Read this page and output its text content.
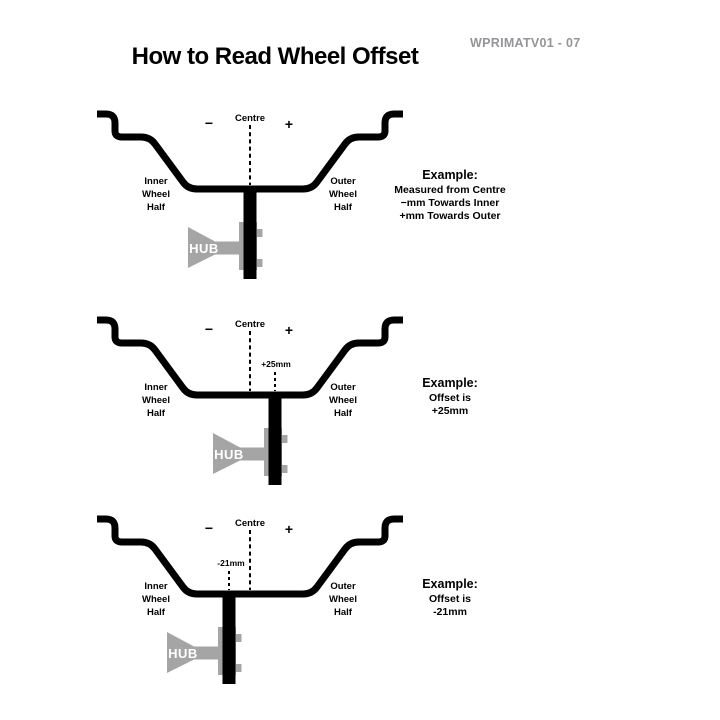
How to Read Wheel Offset	WPRIMATV01 - 07
Centre
−	+
Inner
Wheel
Half
Outer
Wheel
Half
HUB
Example:
Measured from Centre
−mm Towards Inner
+mm Towards Outer
Centre
−	+
Inner
Wheel
Half
Outer
Wheel
Half
+25mm
HUB
Example:
Offset is
+25mm
Centre
−	+
Inner
Wheel
Half
Outer
Wheel
Half
-21mm
HUB
Example:
Offset is
-21mm
